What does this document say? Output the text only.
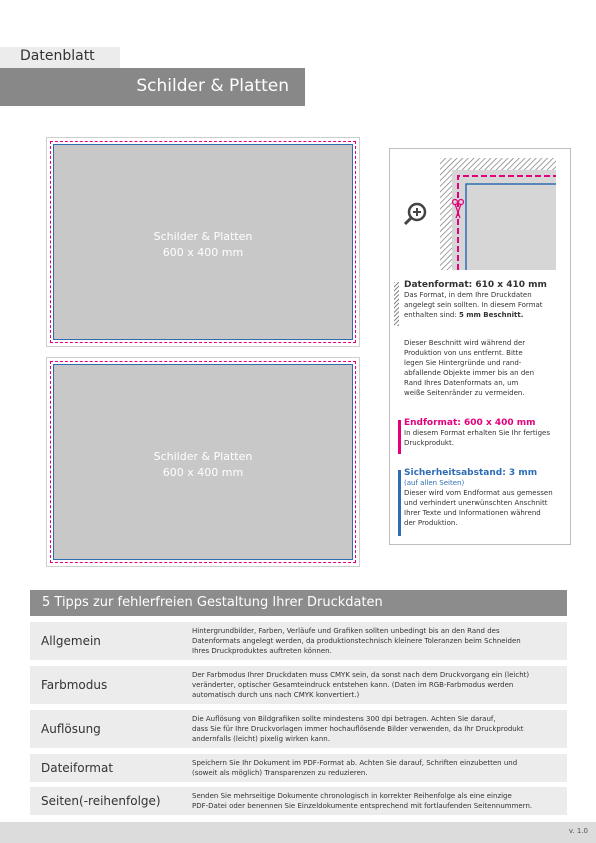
Datenblatt
Schilder & Platten
Schilder & Platten
600 x 400 mm
Schilder & Platten
600 x 400 mm
Datenformat: 610 x 410 mm
Das Format, in dem Ihre Druckdaten
angelegt sein sollten. In diesem Format
enthalten sind: 5 mm Beschnitt.
Dieser Beschnitt wird während der
Produktion von uns entfernt. Bitte
legen Sie Hintergründe und rand-
abfallende Objekte immer bis an den
Rand Ihres Datenformats an, um
weiße Seitenränder zu vermeiden.
Endformat: 600 x 400 mm
In diesem Format erhalten Sie Ihr fertiges
Druckprodukt.
Sicherheitsabstand: 3 mm
(auf allen Seiten)
Dieser wird vom Endformat aus gemessen
und verhindert unerwünschten Anschnitt
Ihrer Texte und Informationen während
der Produktion.
5 Tipps zur fehlerfreien Gestaltung Ihrer Druckdaten
Allgemein
Hintergrundbilder, Farben, Verläufe und Grafiken sollten unbedingt bis an den Rand des
Datenformats angelegt werden, da produktionstechnisch kleinere Toleranzen beim Schneiden
Ihres Druckproduktes auftreten können.
Farbmodus
Der Farbmodus Ihrer Druckdaten muss CMYK sein, da sonst nach dem Druckvorgang ein (leicht)
veränderter, optischer Gesamteindruck entstehen kann. (Daten im RGB-Farbmodus werden
automatisch durch uns nach CMYK konvertiert.)
Auflösung
Die Auflösung von Bildgrafiken sollte mindestens 300 dpi betragen. Achten Sie darauf,
dass Sie für Ihre Druckvorlagen immer hochauflösende Bilder verwenden, da Ihr Druckprodukt
andernfalls (leicht) pixelig wirken kann.
Dateiformat	Speichern Sie Ihr Dokument im PDF-Format ab. Achten Sie darauf, Schriften einzubetten und
(soweit als möglich) Transparenzen zu reduzieren.
Seiten(-reihenfolge)	Senden Sie mehrseitige Dokumente chronologisch in korrekter Reihenfolge als eine einzige
PDF-Datei oder benennen Sie Einzeldokumente entsprechend mit fortlaufenden Seitennummern.
v. 1.0
